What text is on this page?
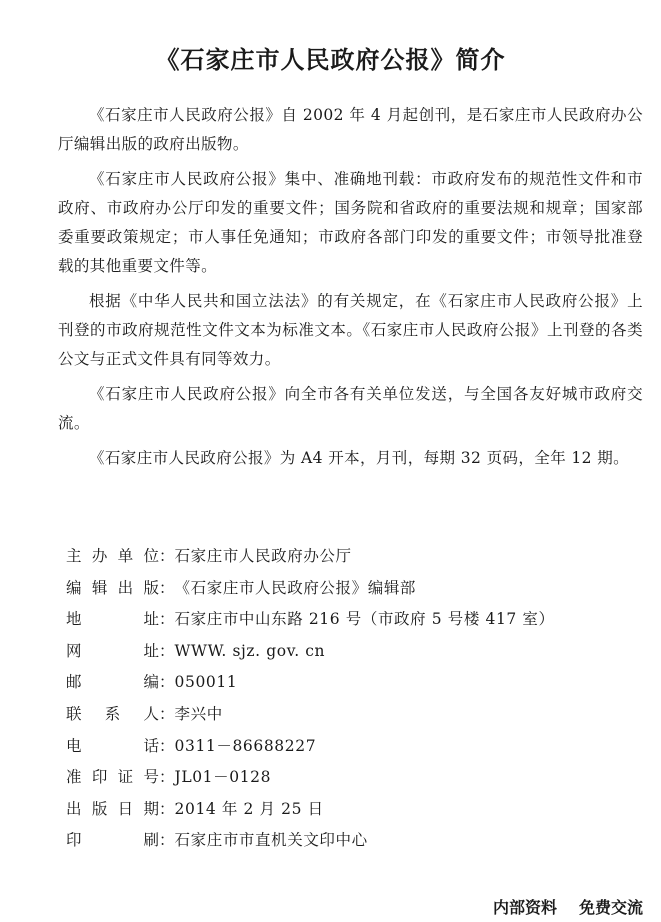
《石家庄市人民政府公报》简介

《石家庄市人民政府公报》自 2002 年 4 月起创刊，是石家庄市人民政府办公厅编辑出版的政府出版物。

《石家庄市人民政府公报》集中、准确地刊载：市政府发布的规范性文件和市政府、市政府办公厅印发的重要文件；国务院和省政府的重要法规和规章；国家部委重要政策规定；市人事任免通知；市政府各部门印发的重要文件；市领导批准登载的其他重要文件等。

根据《中华人民共和国立法法》的有关规定，在《石家庄市人民政府公报》上刊登的市政府规范性文件文本为标准文本。《石家庄市人民政府公报》上刊登的各类公文与正式文件具有同等效力。

《石家庄市人民政府公报》向全市各有关单位发送，与全国各友好城市政府交流。

《石家庄市人民政府公报》为 A4 开本，月刊，每期 32 页码，全年 12 期。

主办单位 ： 石家庄市人民政府办公厅
编辑出版 ： 《石家庄市人民政府公报》编辑部
地址 ： 石家庄市中山东路 216 号（市政府 5 号楼 417 室）
网址 ： WWW. sjz. gov. cn
邮编 ： 050011
联系人 ： 李兴中
电话 ： 0311－86688227
准印证号 ： JL01－0128
出版日期 ： 2014 年 2 月 25 日
印刷 ： 石家庄市市直机关文印中心
内部资料 免费交流
